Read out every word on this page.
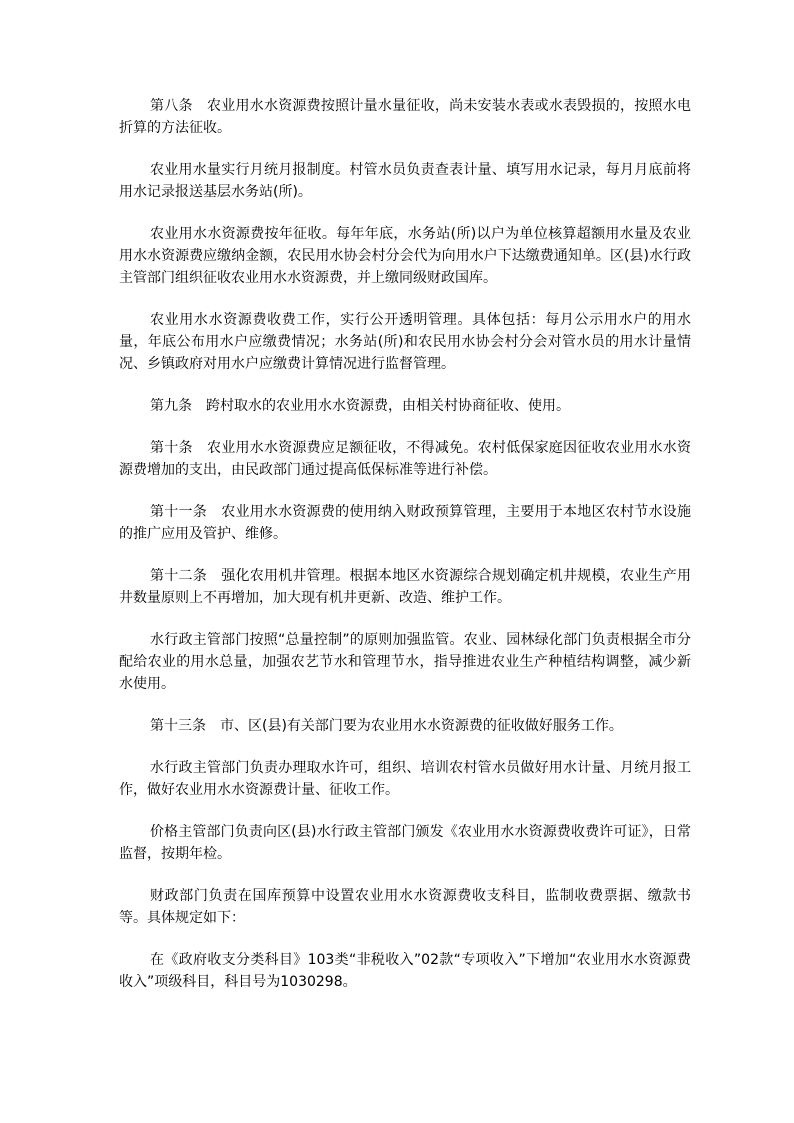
第八条　农业用水水资源费按照计量水量征收，尚未安装水表或水表毁损的，按照水电折算的方法征收。

农业用水量实行月统月报制度。村管水员负责查表计量、填写用水记录，每月月底前将用水记录报送基层水务站(所)。

农业用水水资源费按年征收。每年年底，水务站(所)以户为单位核算超额用水量及农业用水水资源费应缴纳金额，农民用水协会村分会代为向用水户下达缴费通知单。区(县)水行政主管部门组织征收农业用水水资源费，并上缴同级财政国库。

农业用水水资源费收费工作，实行公开透明管理。具体包括：每月公示用水户的用水量，年底公布用水户应缴费情况；水务站(所)和农民用水协会村分会对管水员的用水计量情况、乡镇政府对用水户应缴费计算情况进行监督管理。

第九条　跨村取水的农业用水水资源费，由相关村协商征收、使用。

第十条　农业用水水资源费应足额征收，不得减免。农村低保家庭因征收农业用水水资源费增加的支出，由民政部门通过提高低保标准等进行补偿。

第十一条　农业用水水资源费的使用纳入财政预算管理，主要用于本地区农村节水设施的推广应用及管护、维修。

第十二条　强化农用机井管理。根据本地区水资源综合规划确定机井规模，农业生产用井数量原则上不再增加，加大现有机井更新、改造、维护工作。

水行政主管部门按照“总量控制”的原则加强监管。农业、园林绿化部门负责根据全市分配给农业的用水总量，加强农艺节水和管理节水，指导推进农业生产种植结构调整，减少新水使用。

第十三条　市、区(县)有关部门要为农业用水水资源费的征收做好服务工作。

水行政主管部门负责办理取水许可，组织、培训农村管水员做好用水计量、月统月报工作，做好农业用水水资源费计量、征收工作。

价格主管部门负责向区(县)水行政主管部门颁发《农业用水水资源费收费许可证》，日常监督，按期年检。

财政部门负责在国库预算中设置农业用水水资源费收支科目，监制收费票据、缴款书等。具体规定如下：

在《政府收支分类科目》103类“非税收入”02款“专项收入”下增加“农业用水水资源费收入”项级科目，科目号为1030298。
